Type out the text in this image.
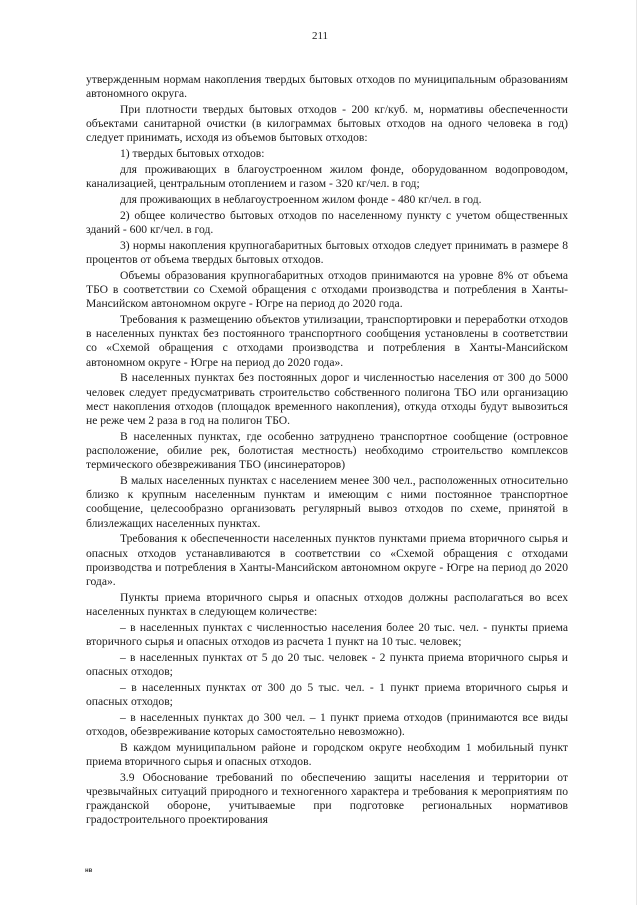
211

утвержденным нормам накопления твердых бытовых отходов по муниципальным образованиям автономного округа.

При плотности твердых бытовых отходов - 200 кг/куб. м, нормативы обеспеченности объектами санитарной очистки (в килограммах бытовых отходов на одного человека в год) следует принимать, исходя из объемов бытовых отходов:

1) твердых бытовых отходов:

для проживающих в благоустроенном жилом фонде, оборудованном водопроводом, канализацией, центральным отоплением и газом - 320 кг/чел. в год;

для проживающих в неблагоустроенном жилом фонде - 480 кг/чел. в год.

2) общее количество бытовых отходов по населенному пункту с учетом общественных зданий - 600 кг/чел. в год.

3) нормы накопления крупногабаритных бытовых отходов следует принимать в размере 8 процентов от объема твердых бытовых отходов.

Объемы образования крупногабаритных отходов принимаются на уровне 8% от объема ТБО в соответствии со Схемой обращения с отходами производства и потребления в Ханты-Мансийском автономном округе - Югре на период до 2020 года.

Требования к размещению объектов утилизации, транспортировки и переработки отходов в населенных пунктах без постоянного транспортного сообщения установлены в соответствии со «Схемой обращения с отходами производства и потребления в Ханты-Мансийском автономном округе - Югре на период до 2020 года».

В населенных пунктах без постоянных дорог и численностью населения от 300 до 5000 человек следует предусматривать строительство собственного полигона ТБО или организацию мест накопления отходов (площадок временного накопления), откуда отходы будут вывозиться не реже чем 2 раза в год на полигон ТБО.

В населенных пунктах, где особенно затруднено транспортное сообщение (островное расположение, обилие рек, болотистая местность) необходимо строительство комплексов термического обезвреживания ТБО (инсинераторов)

В малых населенных пунктах с населением менее 300 чел., расположенных относительно близко к крупным населенным пунктам и имеющим с ними постоянное транспортное сообщение, целесообразно организовать регулярный вывоз отходов по схеме, принятой в близлежащих населенных пунктах.

Требования к обеспеченности населенных пунктов пунктами приема вторичного сырья и опасных отходов устанавливаются в соответствии со «Схемой обращения с отходами производства и потребления в Ханты-Мансийском автономном округе - Югре на период до 2020 года».

Пункты приема вторичного сырья и опасных отходов должны располагаться во всех населенных пунктах в следующем количестве:

– в населенных пунктах с численностью населения более 20 тыс. чел. - пункты приема вторичного сырья и опасных отходов из расчета 1 пункт на 10 тыс. человек;

– в населенных пунктах от 5 до 20 тыс. человек - 2 пункта приема вторичного сырья и опасных отходов;

– в населенных пунктах от 300 до 5 тыс. чел. - 1 пункт приема вторичного сырья и опасных отходов;

– в населенных пунктах до 300 чел. – 1 пункт приема отходов (принимаются все виды отходов, обезвреживание которых самостоятельно невозможно).

В каждом муниципальном районе и городском округе необходим 1 мобильный пункт приема вторичного сырья и опасных отходов.

3.9 Обоснование требований по обеспечению защиты населения и территории от чрезвычайных ситуаций природного и техногенного характера и требования к мероприятиям по гражданской обороне, учитываемые при подготовке региональных нормативов градостроительного проектирования

нв
